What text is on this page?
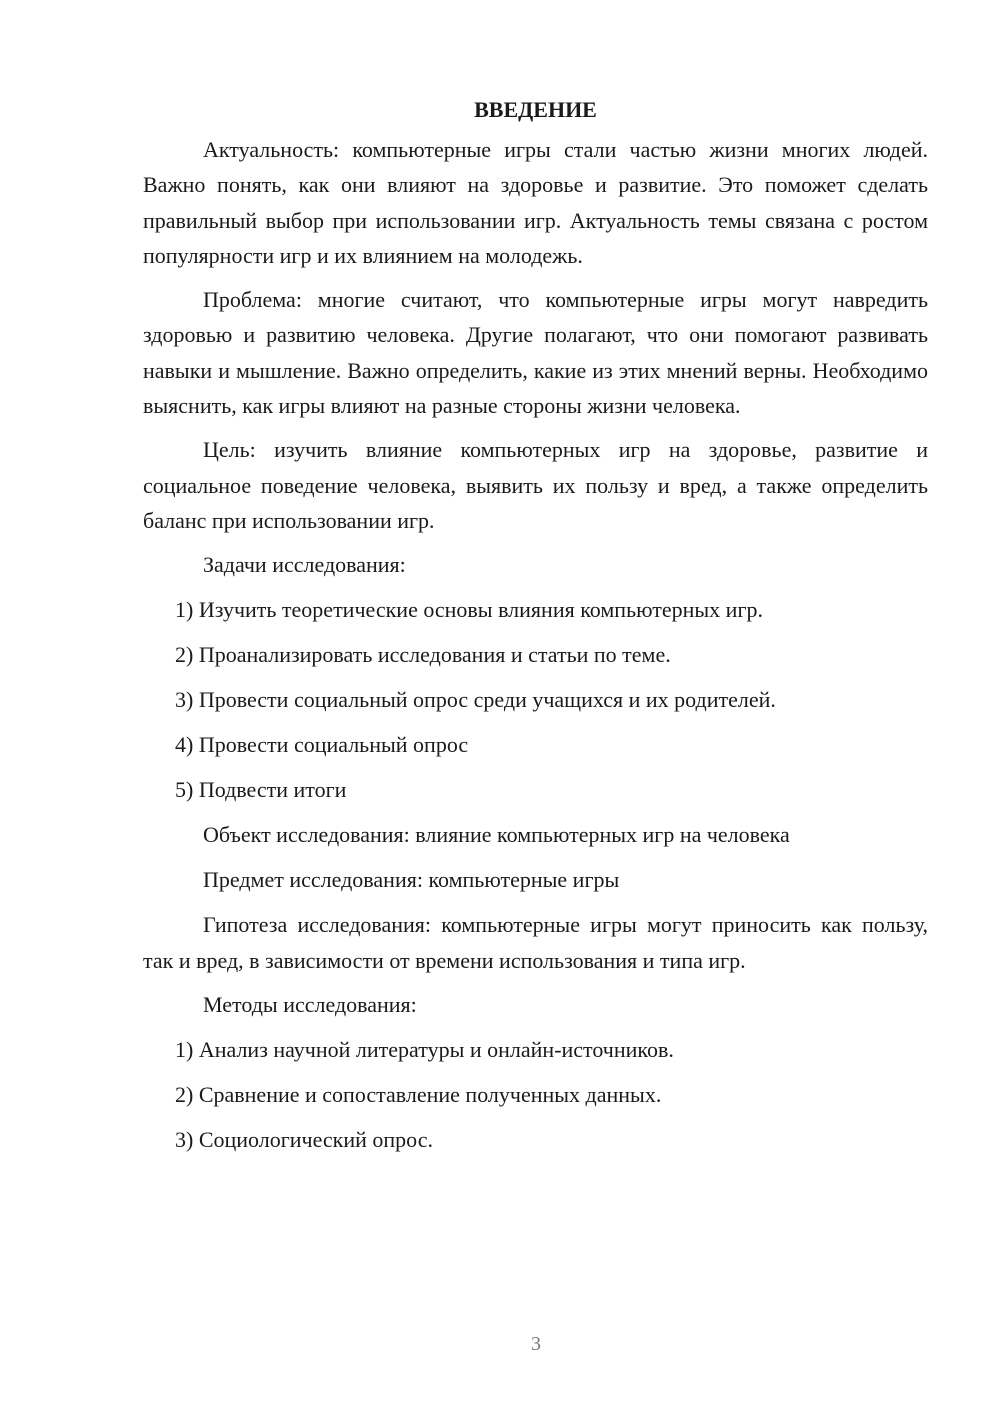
ВВЕДЕНИЕ

Актуальность: компьютерные игры стали частью жизни многих людей. Важно понять, как они влияют на здоровье и развитие. Это поможет сделать правильный выбор при использовании игр. Актуальность темы связана с ростом популярности игр и их влиянием на молодежь.

Проблема: многие считают, что компьютерные игры могут навредить здоровью и развитию человека. Другие полагают, что они помогают развивать навыки и мышление. Важно определить, какие из этих мнений верны. Необходимо выяснить, как игры влияют на разные стороны жизни человека.

Цель: изучить влияние компьютерных игр на здоровье, развитие и социальное поведение человека, выявить их пользу и вред, а также определить баланс при использовании игр.

Задачи исследования:
1) Изучить теоретические основы влияния компьютерных игр.
2) Проанализировать исследования и статьи по теме.
3) Провести социальный опрос среди учащихся и их родителей.
4) Провести социальный опрос
5) Подвести итоги
Объект исследования: влияние компьютерных игр на человека
Предмет исследования: компьютерные игры

Гипотеза исследования: компьютерные игры могут приносить как пользу, так и вред, в зависимости от времени использования и типа игр.

Методы исследования:
1) Анализ научной литературы и онлайн-источников.
2) Сравнение и сопоставление полученных данных.
3) Социологический опрос.
3
